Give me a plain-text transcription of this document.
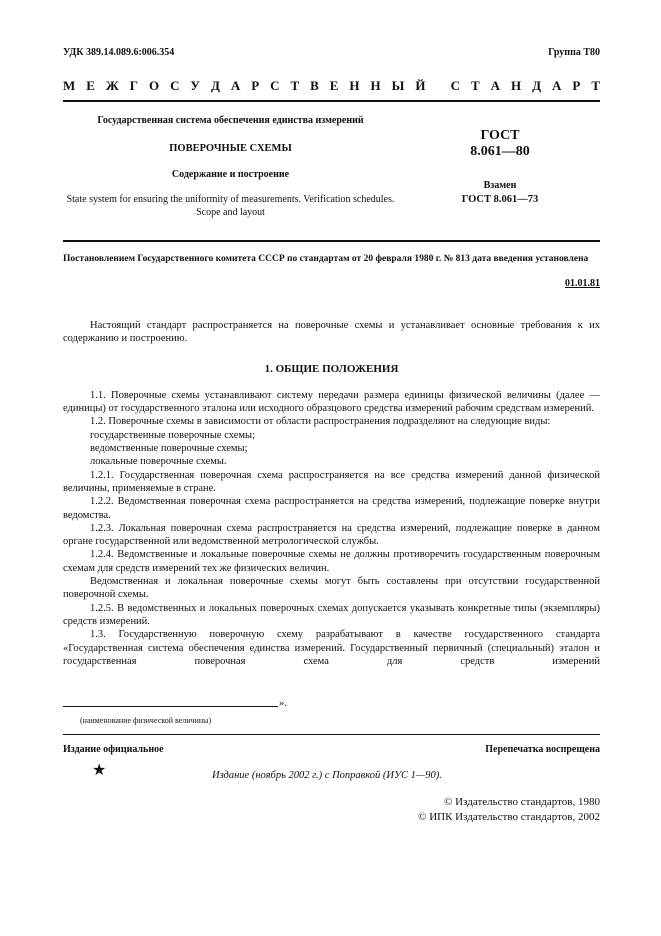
УДК 389.14.089.6:006.354	Группа Т80
М Е Ж Г О С У Д А Р С Т В Е Н Н Ы Й
С Т А Н Д А Р Т
Государственная система обеспечения единства измерений
ПОВЕРОЧНЫЕ СХЕМЫ
Содержание и построение
State system for ensuring the uniformity of measurements. Verification schedules. Scope and layout
ГОСТ
8.061—80
Взамен
ГОСТ 8.061—73
Постановлением Государственного комитета СССР по стандартам от 20 февраля 1980 г. № 813 дата введения установлена
01.01.81

Настоящий стандарт распространяется на поверочные схемы и устанавливает основные требования к их содержанию и построению.

1. ОБЩИЕ ПОЛОЖЕНИЯ

1.1. Поверочные схемы устанавливают систему передачи размера единицы физической величины (далее — единицы) от государственного эталона или исходного образцового средства измерений рабочим средствам измерений.

1.2. Поверочные схемы в зависимости от области распространения подразделяют на следующие виды:

государственные поверочные схемы;

ведомственные поверочные схемы;

локальные поверочные схемы.

1.2.1. Государственная поверочная схема распространяется на все средства измерений данной физической величины, применяемые в стране.

1.2.2. Ведомственная поверочная схема распространяется на средства измерений, подлежащие поверке внутри ведомства.

1.2.3. Локальная поверочная схема распространяется на средства измерений, подлежащие поверке в данном органе государственной или ведомственной метрологической службы.

1.2.4. Ведомственные и локальные поверочные схемы не должны противоречить государственным поверочным схемам для средств измерений тех же физических величин.

Ведомственная и локальная поверочные схемы могут быть составлены при отсутствии государственной поверочной схемы.

1.2.5. В ведомственных и локальных поверочных схемах допускается указывать конкретные типы (экземпляры) средств измерений.

1.3. Государственную поверочную схему разрабатывают в качестве государственного стандарта «Государственная система обеспечения единства измерений. Государственный первичный (специальный) эталон и государственная поверочная схема для средств измерений

».
(наименование физической величины)
Издание официальное	Перепечатка воспрещена
★	Издание (ноябрь 2002 г.) с Поправкой (ИУС 1—90).
© Издательство стандартов, 1980
© ИПК Издательство стандартов, 2002
